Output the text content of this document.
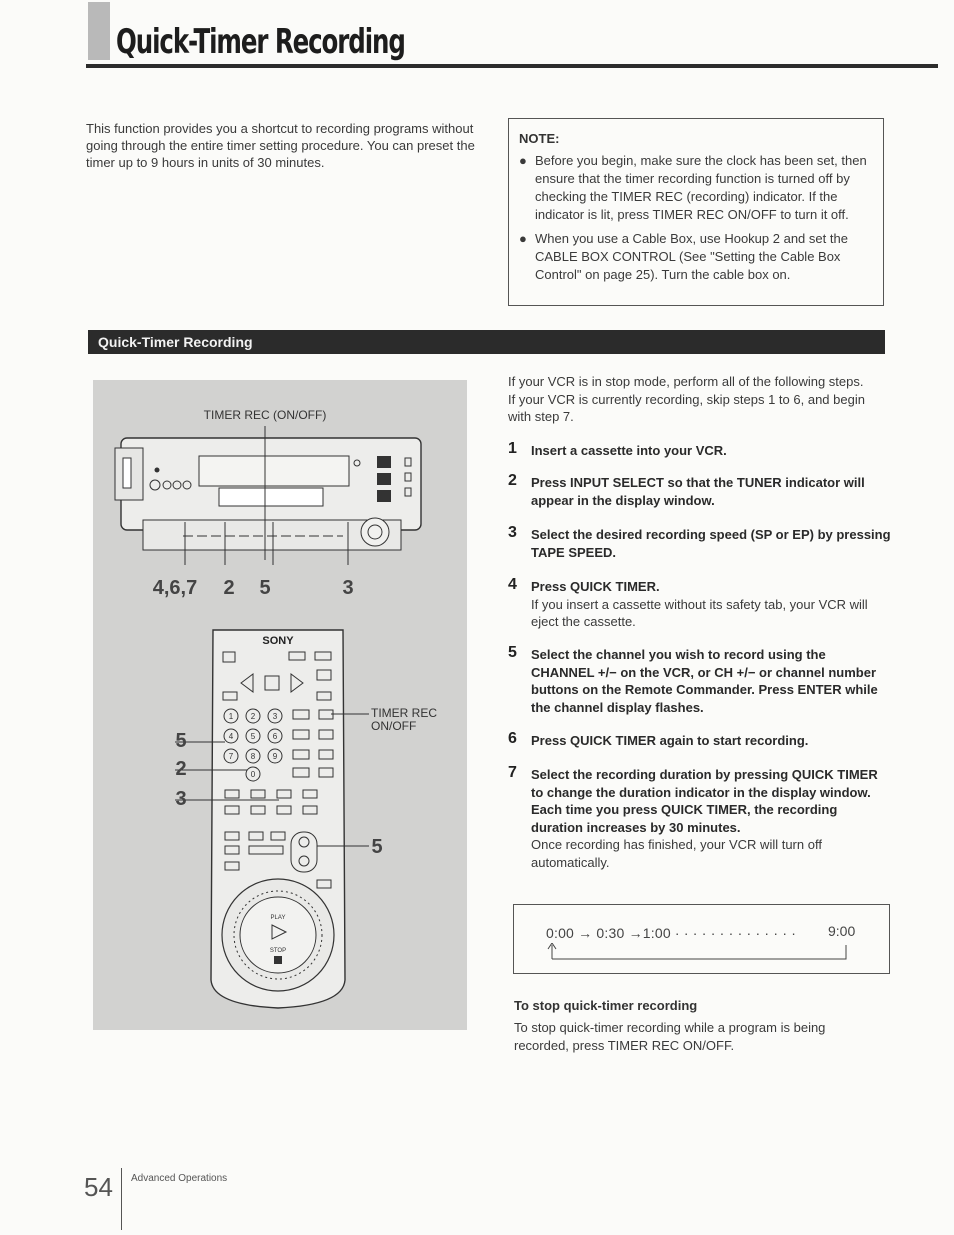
Quick-Timer Recording

This function provides you a shortcut to recording programs without going through the entire timer setting procedure. You can preset the timer up to 9 hours in units of 30 minutes.

NOTE:

● Before you begin, make sure the clock has been set, then ensure that the timer recording function is turned off by checking the TIMER REC (recording) indicator. If the indicator is lit, press TIMER REC ON/OFF to turn it off.

● When you use a Cable Box, use Hookup 2 and set the CABLE BOX CONTROL (See "Setting the Cable Box Control" on page 25). Turn the cable box on.

Quick-Timer Recording
TIMER REC (ON/OFF)
4,6,7 2 5	3
SONY
1 2 3
4 5 6
7 8 9
0
PLAY
STOP
5
2
3
TIMER REC
ON/OFF
5

If your VCR is in stop mode, perform all of the following steps. If your VCR is currently recording, skip steps 1 to 6, and begin with step 7.

1 Insert a cassette into your VCR.
2 Press INPUT SELECT so that the TUNER indicator will appear in the display window.
3 Select the desired recording speed (SP or EP) by pressing TAPE SPEED.
4 Press QUICK TIMER.
If you insert a cassette without its safety tab, your VCR will eject the cassette.
5 Select the channel you wish to record using the CHANNEL +/− on the VCR, or CH +/− or channel number buttons on the Remote Commander. Press ENTER while the channel display flashes.
6 Press QUICK TIMER again to start recording.
7 Select the recording duration by pressing QUICK TIMER to change the duration indicator in the display window. Each time you press QUICK TIMER, the recording duration increases by 30 minutes.
Once recording has finished, your VCR will turn off automatically.
0:00 → 0:30 →1:00 · · · · · · · · · · · · · · 9:00
To stop quick-timer recording

To stop quick-timer recording while a program is being recorded, press TIMER REC ON/OFF.

54 Advanced Operations
